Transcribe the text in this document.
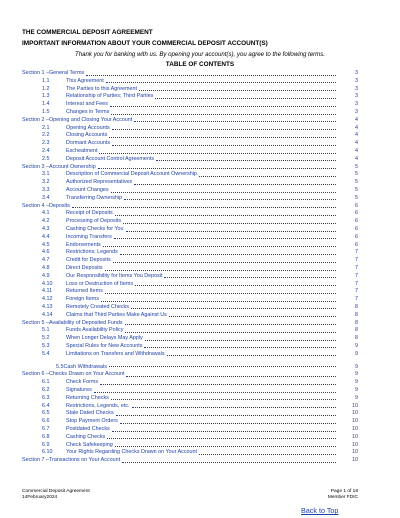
THE COMMERCIAL DEPOSIT AGREEMENT
IMPORTANT INFORMATION ABOUT YOUR COMMERCIAL DEPOSIT ACCOUNT(S)
Thank you for banking with us. By opening your account(s), you agree to the following terms.
TABLE OF CONTENTS
Section 1 –General Terms	3
1.1	This Agreement	3
1.2	The Parties to this Agreement	3
1.3	Relationship of Parties; Third Parties	3
1.4	Interest and Fees	3
1.5	Changes in Terms	3
Section 2 –Opening and Closing Your Account	4
2.1	Opening Accounts	4
2.2	Closing Accounts	4
2.3	Dormant Accounts	4
2.4	Escheatment	4
2.5	Deposit Account Control Agreements	4
Section 3 –Account Ownership	5
3.1	Description of Commercial Deposit Account Ownership	5
3.2	Authorized Representatives	5
3.3	Account Changes	5
3.4	Transferring Ownership	5
Section 4 –Deposits	6
4.1	Receipt of Deposits	6
4.2	Processing of Deposits	6
4.3	Cashing Checks for You	6
4.4	Incoming Transfers	6
4.5	Endorsements	6
4.6	Restrictions; Legends	7
4.7	Credit for Deposits	7
4.8	Direct Deposits	7
4.9	Our Responsibility for Items You Deposit	7
4.10	Loss or Destruction of Items	7
4.11	Returned Items	7
4.12	Foreign Items	7
4.13	Remotely Created Checks	8
4.14	Claims that Third Parties Make Against Us	8
Section 5 –Availability of Deposited Funds	8
5.1	Funds Availability Policy	8
5.2	When Longer Delays May Apply	8
5.3	Special Rules for New Accounts	9
5.4	Limitations on Transfers and Withdrawals	9
5.5Cash Withdrawals	9
Section 6 –Checks Drawn on Your Account	9
6.1	Check Forms	9
6.2	Signatures	9
6.3	Returning Checks	9
6.4	Restrictions, Legends, etc.	10
6.5	Stale Dated Checks	10
6.6	Stop Payment Orders	10
6.7	Postdated Checks	10
6.8	Cashing Checks	10
6.9	Check Safekeeping	10
6.10	Your Rights Regarding Checks Drawn on Your Account	10
Section 7 –Transactions on Your Account	10
Commercial Deposit Agreement
14February2024
Page 1 of 18
Member FDIC
Back to Top
